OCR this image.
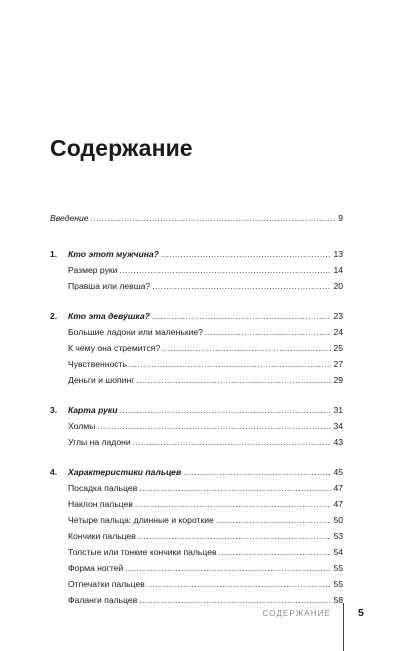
Содержание
Введение .....	9
1.	Кто этот мужчина? .....	13
Размер руки .....	14
Правша или левша? .....	20
2.	Кто эта девушка? .....	23
Большие ладони или маленькие? .....	24
К чему она стремится? .....	25
Чувственность .....	27
Деньги и шопинг .....	29
3.	Карта руки .....	31
Холмы .....	34
Углы на ладони .....	43
4.	Характеристики пальцев .....	45
Посадка пальцев .....	47
Наклон пальцев .....	47
Четыре пальца: длинные и короткие .....	50
Кончики пальцев .....	53
Толстые или тонкие кончики пальцев .....	54
Форма ногтей .....	55
Отпечатки пальцев .....	55
Фаланги пальцев .....	58
СОДЕРЖАНИЕ	5
